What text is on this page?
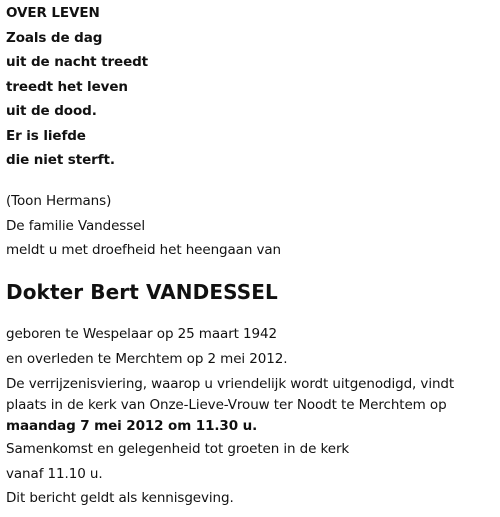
OVER LEVEN
Zoals de dag
uit de nacht treedt
treedt het leven
uit de dood.
Er is liefde
die niet sterft.
(Toon Hermans)
De familie Vandessel
meldt u met droefheid het heengaan van
Dokter Bert VANDESSEL
geboren te Wespelaar op 25 maart 1942
en overleden te Merchtem op 2 mei 2012.
De verrijzenisviering, waarop u vriendelijk wordt uitgenodigd, vindt
plaats in de kerk van Onze-Lieve-Vrouw ter Noodt te Merchtem op
maandag 7 mei 2012 om 11.30 u.
Samenkomst en gelegenheid tot groeten in de kerk
vanaf 11.10 u.
Dit bericht geldt als kennisgeving.
